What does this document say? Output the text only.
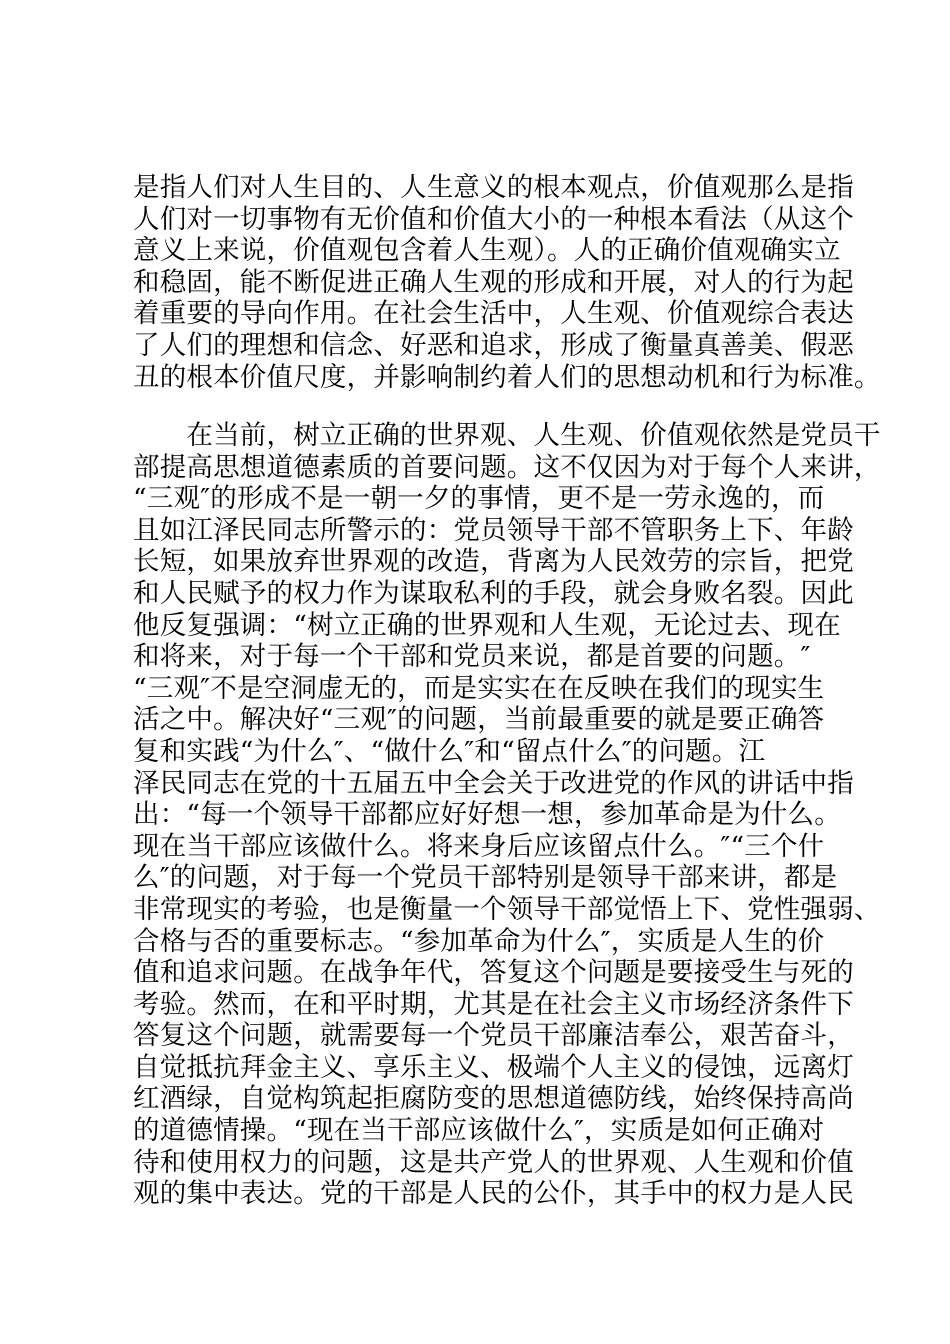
是指人们对人生目的、人生意义的根本观点，价值观那么是指
人们对一切事物有无价值和价值大小的一种根本看法（从这个
意义上来说，价值观包含着人生观）。人的正确价值观确实立
和稳固，能不断促进正确人生观的形成和开展，对人的行为起
着重要的导向作用。在社会生活中，人生观、价值观综合表达
了人们的理想和信念、好恶和追求，形成了衡量真善美、假恶
丑的根本价值尺度，并影响制约着人们的思想动机和行为标准。
　　在当前，树立正确的世界观、人生观、价值观依然是党员干
部提高思想道德素质的首要问题。这不仅因为对于每个人来讲，
“三观″的形成不是一朝一夕的事情，更不是一劳永逸的，而
且如江泽民同志所警示的：党员领导干部不管职务上下、年龄
长短，如果放弃世界观的改造，背离为人民效劳的宗旨，把党
和人民赋予的权力作为谋取私利的手段，就会身败名裂。因此
他反复强调：“树立正确的世界观和人生观，无论过去、现在
和将来，对于每一个干部和党员来说，都是首要的问题。″
“三观″不是空洞虚无的，而是实实在在反映在我们的现实生
活之中。解决好“三观″的问题，当前最重要的就是要正确答
复和实践“为什么″、“做什么″和“留点什么″的问题。江
泽民同志在党的十五届五中全会关于改进党的作风的讲话中指
出：“每一个领导干部都应好好想一想，参加革命是为什么。
现在当干部应该做什么。将来身后应该留点什么。″“三个什
么″的问题，对于每一个党员干部特别是领导干部来讲，都是
非常现实的考验，也是衡量一个领导干部觉悟上下、党性强弱、
合格与否的重要标志。“参加革命为什么″，实质是人生的价
值和追求问题。在战争年代，答复这个问题是要接受生与死的
考验。然而，在和平时期，尤其是在社会主义市场经济条件下
答复这个问题，就需要每一个党员干部廉洁奉公，艰苦奋斗，
自觉抵抗拜金主义、享乐主义、极端个人主义的侵蚀，远离灯
红酒绿，自觉构筑起拒腐防变的思想道德防线，始终保持高尚
的道德情操。“现在当干部应该做什么″，实质是如何正确对
待和使用权力的问题，这是共产党人的世界观、人生观和价值
观的集中表达。党的干部是人民的公仆，其手中的权力是人民
